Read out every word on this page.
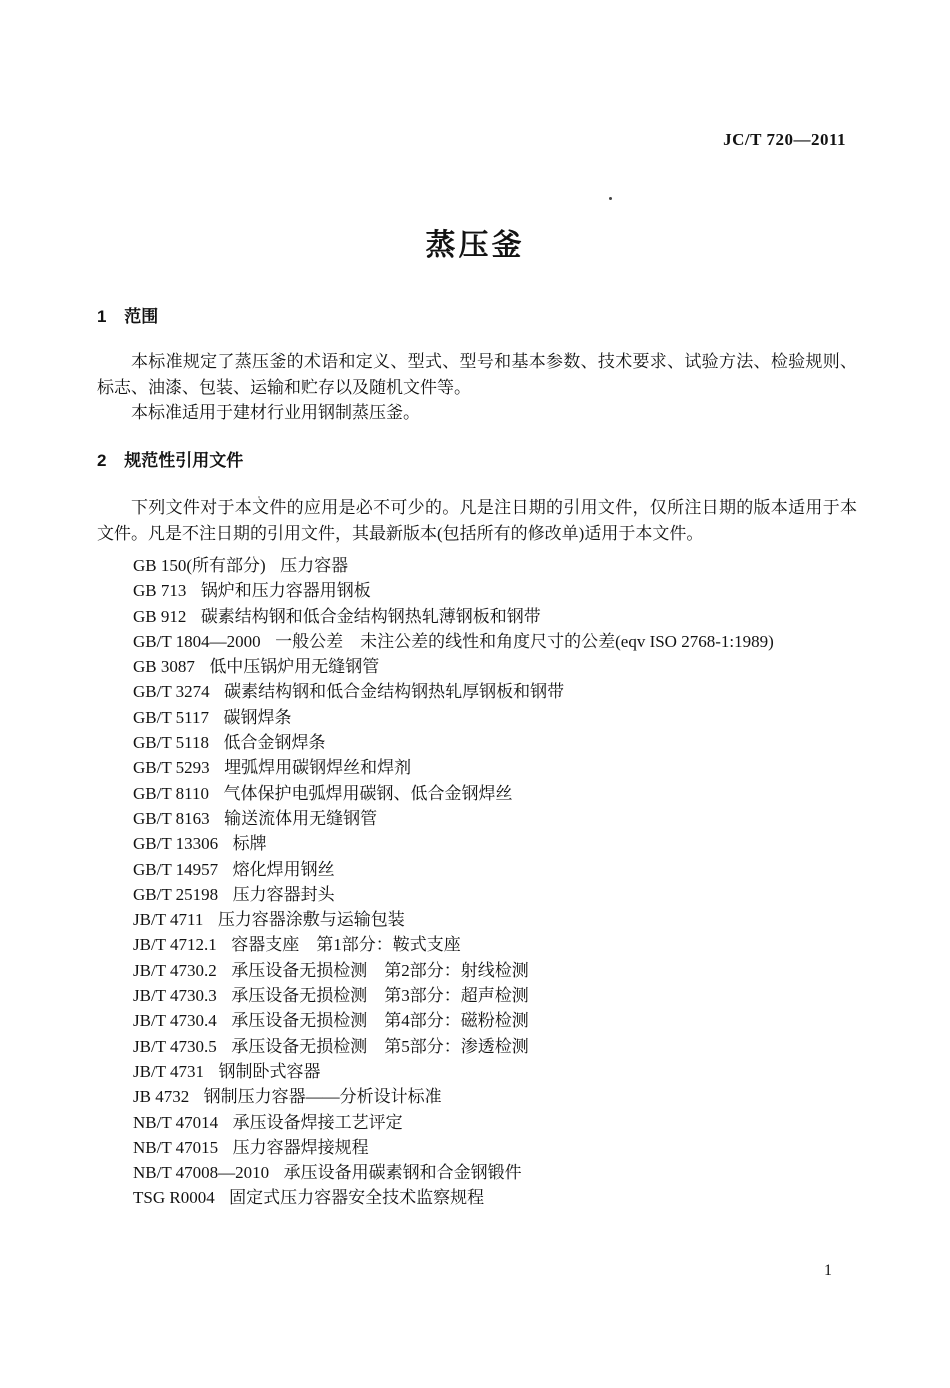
JC/T 720—2011
蒸压釜
1 范围

本标准规定了蒸压釜的术语和定义、型式、型号和基本参数、技术要求、试验方法、检验规则、标志、油漆、包装、运输和贮存以及随机文件等。

本标准适用于建材行业用钢制蒸压釜。

2 规范性引用文件

下列文件对于本文件的应用是必不可少的。凡是注日期的引用文件，仅所注日期的版本适用于本文件。凡是不注日期的引用文件，其最新版本(包括所有的修改单)适用于本文件。

GB 150(所有部分) 压力容器
GB 713 锅炉和压力容器用钢板
GB 912 碳素结构钢和低合金结构钢热轧薄钢板和钢带
GB/T 1804—2000 一般公差　未注公差的线性和角度尺寸的公差(eqv ISO 2768-1:1989)
GB 3087 低中压锅炉用无缝钢管
GB/T 3274 碳素结构钢和低合金结构钢热轧厚钢板和钢带
GB/T 5117 碳钢焊条
GB/T 5118 低合金钢焊条
GB/T 5293 埋弧焊用碳钢焊丝和焊剂
GB/T 8110 气体保护电弧焊用碳钢、低合金钢焊丝
GB/T 8163 输送流体用无缝钢管
GB/T 13306 标牌
GB/T 14957 熔化焊用钢丝
GB/T 25198 压力容器封头
JB/T 4711 压力容器涂敷与运输包装
JB/T 4712.1 容器支座　第1部分：鞍式支座
JB/T 4730.2 承压设备无损检测　第2部分：射线检测
JB/T 4730.3 承压设备无损检测　第3部分：超声检测
JB/T 4730.4 承压设备无损检测　第4部分：磁粉检测
JB/T 4730.5 承压设备无损检测　第5部分：渗透检测
JB/T 4731 钢制卧式容器
JB 4732 钢制压力容器——分析设计标准
NB/T 47014 承压设备焊接工艺评定
NB/T 47015 压力容器焊接规程
NB/T 47008—2010 承压设备用碳素钢和合金钢锻件
TSG R0004 固定式压力容器安全技术监察规程
1
